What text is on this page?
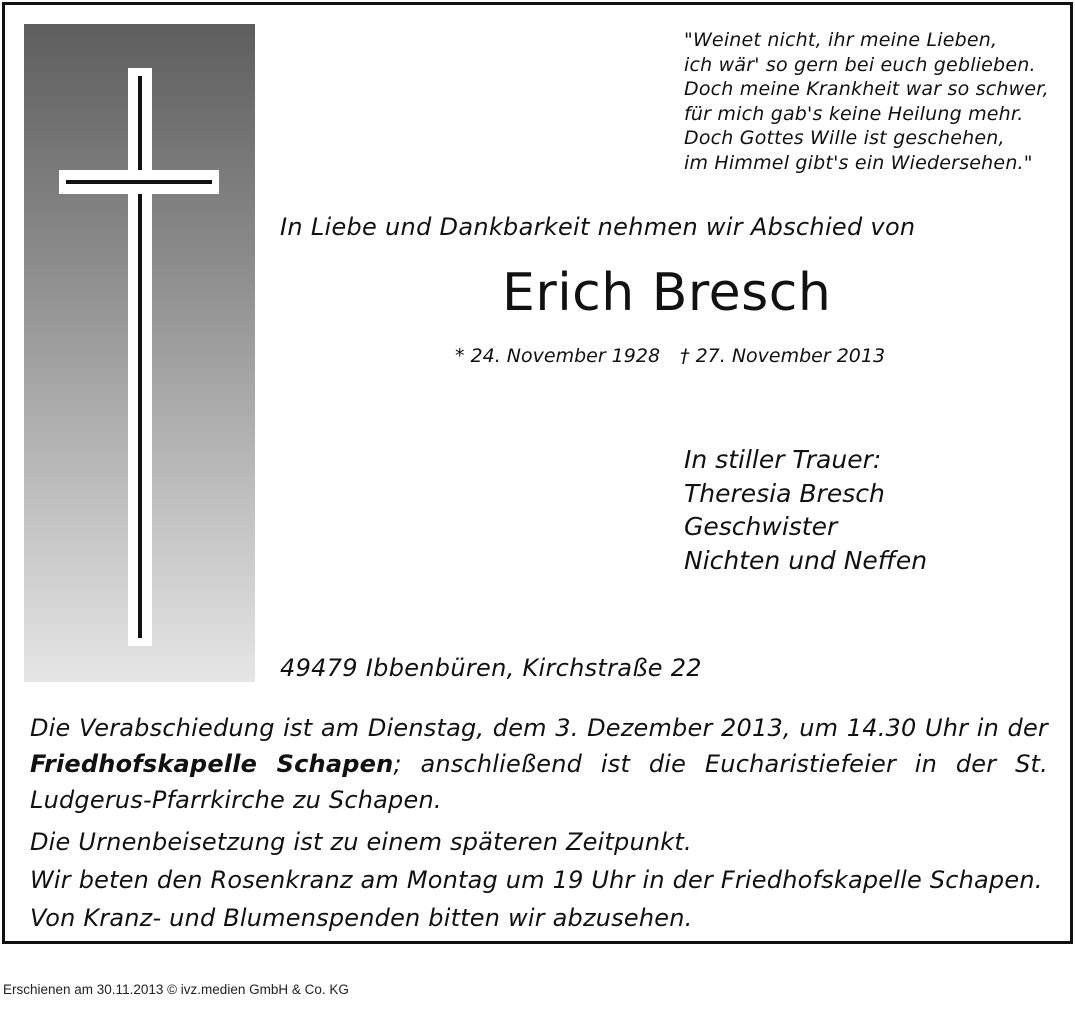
"Weinet nicht, ihr meine Lieben,
ich wär' so gern bei euch geblieben.
Doch meine Krankheit war so schwer,
für mich gab's keine Heilung mehr.
Doch Gottes Wille ist geschehen,
im Himmel gibt's ein Wiedersehen."
In Liebe und Dankbarkeit nehmen wir Abschied von
Erich Bresch
* 24. November 1928 † 27. November 2013
In stiller Trauer:
Theresia Bresch
Geschwister
Nichten und Neffen
49479 Ibbenbüren, Kirchstraße 22

Die Verabschiedung ist am Dienstag, dem 3. Dezember 2013, um 14.30 Uhr in der Friedhofskapelle Schapen; anschließend ist die Eucharistiefeier in der St. Ludgerus-Pfarrkirche zu Schapen.

Die Urnenbeisetzung ist zu einem späteren Zeitpunkt.

Wir beten den Rosenkranz am Montag um 19 Uhr in der Friedhofskapelle Schapen.

Von Kranz- und Blumenspenden bitten wir abzusehen.

Erschienen am 30.11.2013 © ivz.medien GmbH & Co. KG
